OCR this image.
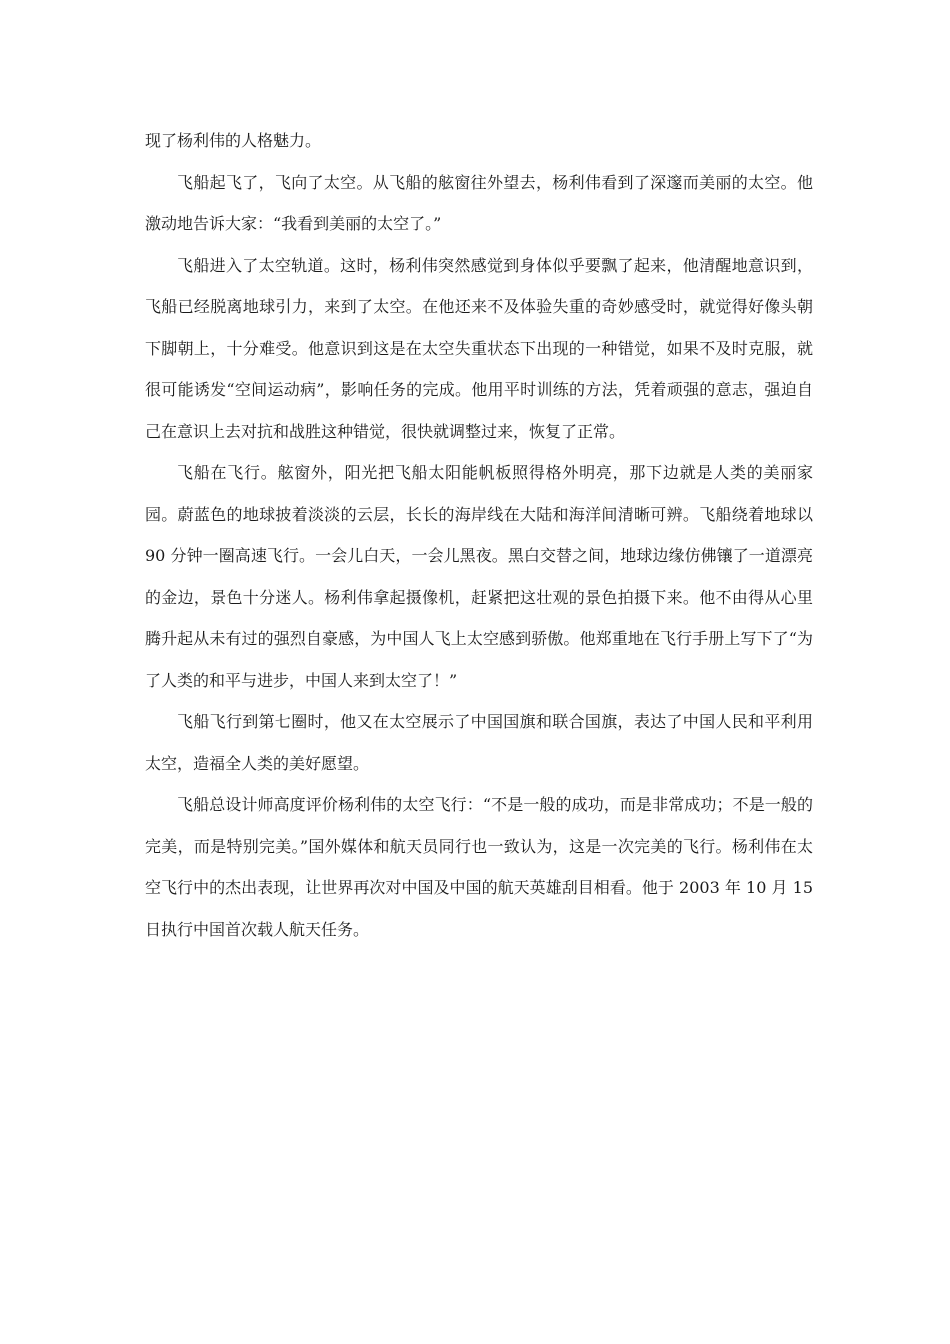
现了杨利伟的人格魅力。

飞船起飞了，飞向了太空。从飞船的舷窗往外望去，杨利伟看到了深邃而美丽的太空。他激动地告诉大家：“我看到美丽的太空了。”

飞船进入了太空轨道。这时，杨利伟突然感觉到身体似乎要飘了起来，他清醒地意识到，飞船已经脱离地球引力，来到了太空。在他还来不及体验失重的奇妙感受时，就觉得好像头朝下脚朝上，十分难受。他意识到这是在太空失重状态下出现的一种错觉，如果不及时克服，就很可能诱发“空间运动病”，影响任务的完成。他用平时训练的方法，凭着顽强的意志，强迫自己在意识上去对抗和战胜这种错觉，很快就调整过来，恢复了正常。

飞船在飞行。舷窗外，阳光把飞船太阳能帆板照得格外明亮，那下边就是人类的美丽家园。蔚蓝色的地球披着淡淡的云层，长长的海岸线在大陆和海洋间清晰可辨。飞船绕着地球以 90 分钟一圈高速飞行。一会儿白天，一会儿黑夜。黑白交替之间，地球边缘仿佛镶了一道漂亮的金边，景色十分迷人。杨利伟拿起摄像机，赶紧把这壮观的景色拍摄下来。他不由得从心里腾升起从未有过的强烈自豪感，为中国人飞上太空感到骄傲。他郑重地在飞行手册上写下了“为了人类的和平与进步，中国人来到太空了！”

飞船飞行到第七圈时，他又在太空展示了中国国旗和联合国旗，表达了中国人民和平利用太空，造福全人类的美好愿望。

飞船总设计师高度评价杨利伟的太空飞行：“不是一般的成功，而是非常成功；不是一般的完美，而是特别完美。”国外媒体和航天员同行也一致认为，这是一次完美的飞行。杨利伟在太空飞行中的杰出表现，让世界再次对中国及中国的航天英雄刮目相看。他于 2003 年 10 月 15 日执行中国首次载人航天任务。
